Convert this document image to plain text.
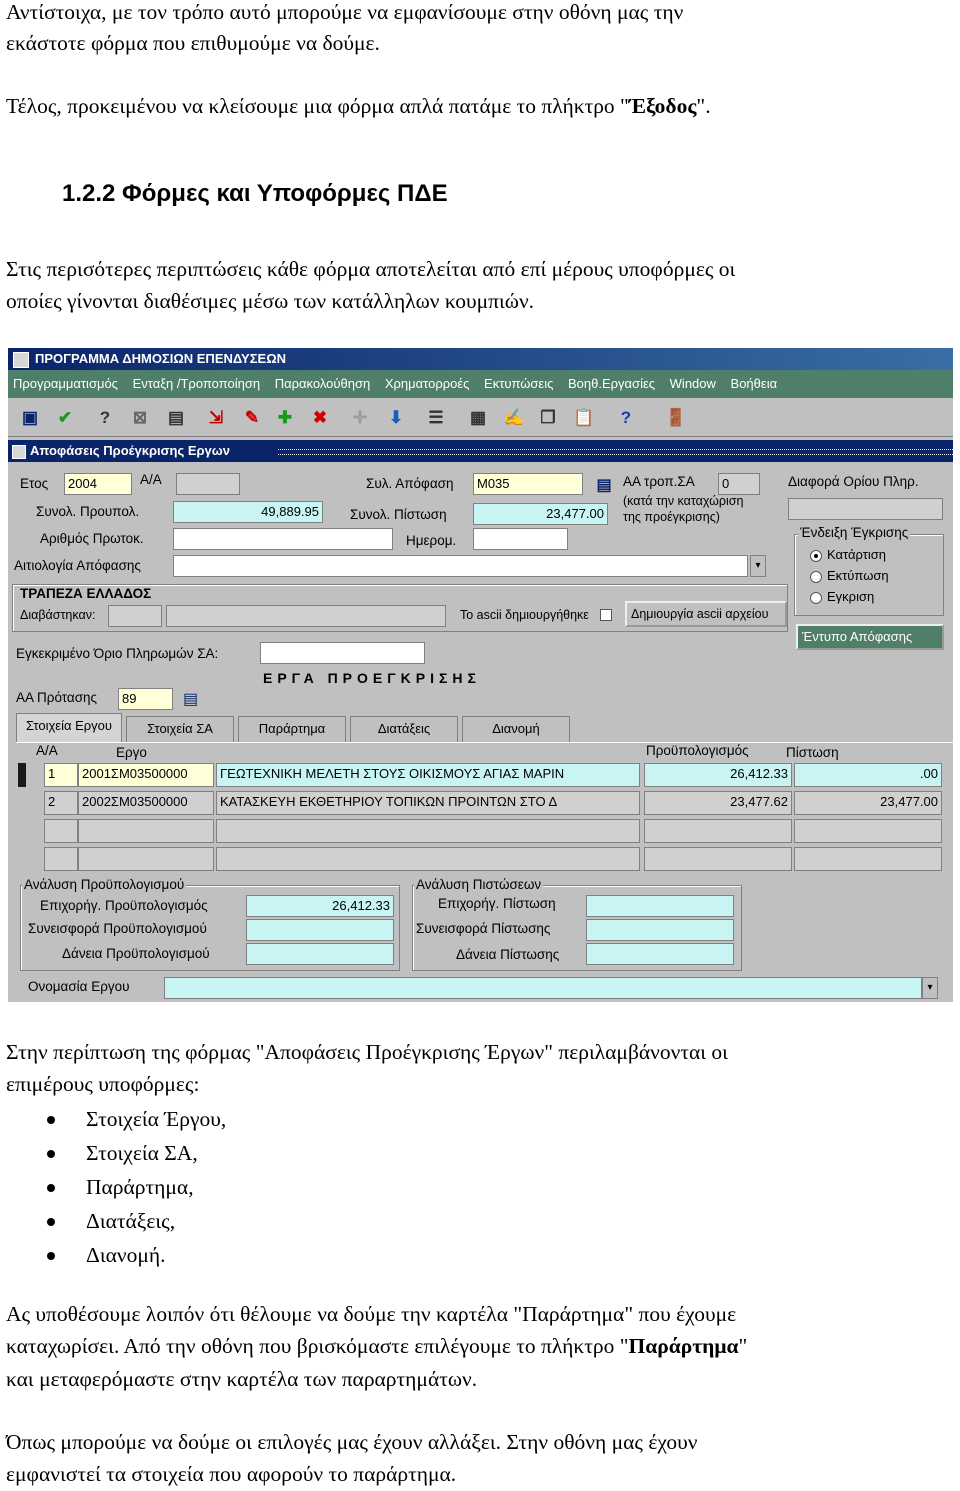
Αντίστοιχα, με τον τρόπο αυτό μπορούμε να εμφανίσουμε στην οθόνη μας την
εκάστοτε φόρμα που επιθυμούμε να δούμε.
Τέλος, προκειμένου να κλείσουμε μια φόρμα απλά πατάμε το πλήκτρο "Έξοδος".
1.2.2 Φόρμες και Υποφόρμες ΠΔΕ
Στις περισότερες περιπτώσεις κάθε φόρμα αποτελείται από επί μέρους υποφόρμες οι
οποίες γίνονται διαθέσιμες μέσω των κατάλληλων κουμπιών.
ΠΡΟΓΡΑΜΜΑ ΔΗΜΟΣΙΩΝ ΕΠΕΝΔΥΣΕΩΝ
Προγραμματισμός Ενταξη /Τροποποίηση Παρακολούθηση Χρηματορροές Εκτυπώσεις Βοηθ.Εργασίες Window Βοήθεια
▣ ✔	?	⊠ ▤ ⇲ ✎ ✚ ✖ ✛ ⬇ ☰ ▦ ✍ ❐ 📋	?	🚪
Αποφάσεις Προέγκρισης Εργων
Ετος	2004	Α/Α	Συλ. Απόφαση	M035	▤ ΑΑ τροπ.ΣΑ	0
(κατά την καταχώριση
της προέγκρισης)
Διαφορά Ορίου Πληρ.
Συνολ. Προυπολ.	49,889.95 Συνολ. Πίστωση	23,477.00
Αριθμός Πρωτοκ.	Ημερομ.
Αιτιολογία Απόφασης	▾
Ένδειξη Έγκρισης
Κατάρτιση
Εκτύπωση
Εγκριση
Έντυπο Απόφασης
ΤΡΑΠΕΖΑ ΕΛΛΑΔΟΣ
Διαβάστηκαν:	Το ascii δημιουργήθηκε	Δημιουργία ascii αρχείου
Εγκεκριμένο Όριο Πληρωμών ΣΑ:
ΕΡΓΑ ΠΡΟΕΓΚΡΙΣΗΣ
ΑΑ Πρότασης	89	▤
Στοιχεία Εργου	Στοιχεία ΣΑ	Παράρτημα	Διατάξεις	Διανομή
Α/Α	Εργο	Προϋπολογισμός	Πίστωση
1	2001ΣΜ03500000	ΓΕΩΤΕΧΝΙΚΗ ΜΕΛΕΤΗ ΣΤΟΥΣ ΟΙΚΙΣΜΟΥΣ ΑΓΙΑΣ ΜΑΡΙΝ	26,412.33	.00
2	2002ΣΜ03500000	ΚΑΤΑΣΚΕΥΗ ΕΚΘΕΤΗΡΙΟΥ ΤΟΠΙΚΩΝ ΠΡΟΙΝΤΩΝ ΣΤΟ Δ	23,477.62	23,477.00
Ανάλυση Προϋπολογισμού
Επιχορήγ. Προϋπολογισμός	26,412.33
Συνεισφορά Προϋπολογισμού
Δάνεια Προϋπολογισμού
Ανάλυση Πιστώσεων
Επιχορήγ. Πίστωση
Συνεισφορά Πίστωσης
Δάνεια Πίστωσης
Ονομασία Εργου	▾
Στην περίπτωση της φόρμας "Αποφάσεις Προέγκρισης Έργων" περιλαμβάνονται οι
επιμέρους υποφόρμες:
Στοιχεία Έργου,
Στοιχεία ΣΑ,
Παράρτημα,
Διατάξεις,
Διανομή.
Ας υποθέσουμε λοιπόν ότι θέλουμε να δούμε την καρτέλα "Παράρτημα" που έχουμε
καταχωρίσει. Από την οθόνη που βρισκόμαστε επιλέγουμε το πλήκτρο "Παράρτημα"
και μεταφερόμαστε στην καρτέλα των παραρτημάτων.
Όπως μπορούμε να δούμε οι επιλογές μας έχουν αλλάξει. Στην οθόνη μας έχουν
εμφανιστεί τα στοιχεία που αφορούν το παράρτημα.
